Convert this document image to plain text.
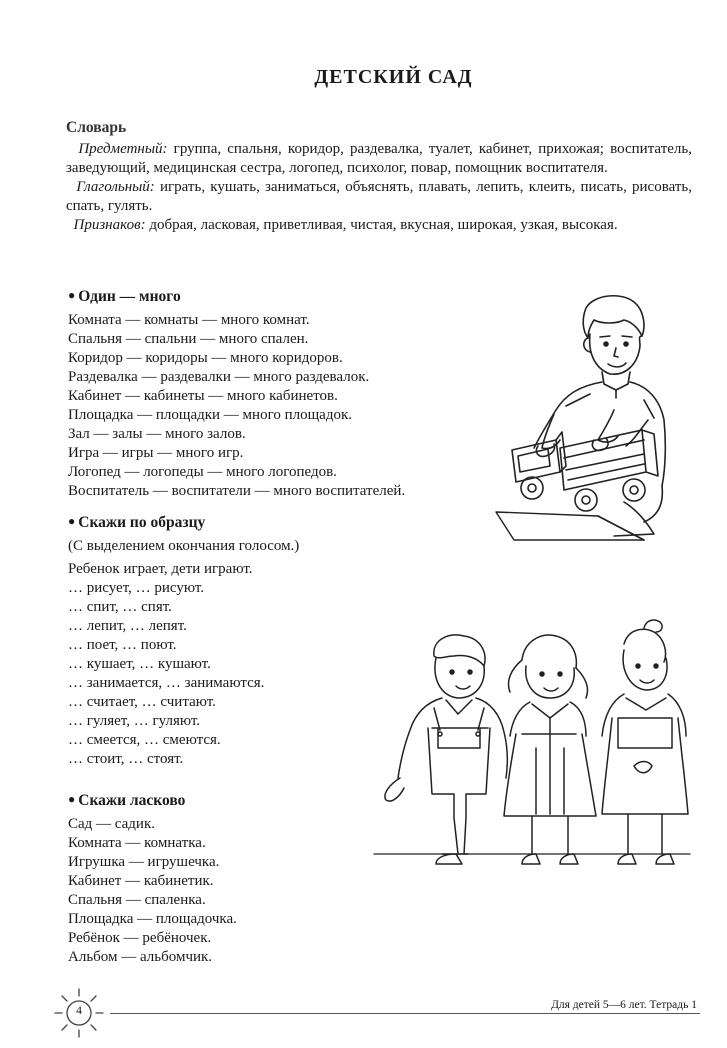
ДЕТСКИЙ САД
Словарь

Предметный: группа, спальня, коридор, раздевалка, туалет, кабинет, прихожая; воспитатель, заведующий, медицинская сестра, логопед, психолог, повар, помощник воспитателя.

Глагольный: играть, кушать, заниматься, объяснять, плавать, лепить, клеить, писать, рисовать, спать, гулять.

Признаков: добрая, ласковая, приветливая, чистая, вкусная, широкая, узкая, высокая.

● Один — много
Комната — комнаты — много комнат.
Спальня — спальни — много спален.
Коридор — коридоры — много коридоров.
Раздевалка — раздевалки — много раздевалок.
Кабинет — кабинеты — много кабинетов.
Площадка — площадки — много площадок.
Зал — залы — много залов.
Игра — игры — много игр.
Логопед — логопеды — много логопедов.
Воспитатель — воспитатели — много воспитателей.
● Скажи по образцу
(С выделением окончания голосом.)
Ребенок играет, дети играют.
… рисует, … рисуют.
… спит, … спят.
… лепит, … лепят.
… поет, … поют.
… кушает, … кушают.
… занимается, … занимаются.
… считает, … считают.
… гуляет, … гуляют.
… смеется, … смеются.
… стоит, … стоят.
● Скажи ласково
Сад — садик.
Комната — комнатка.
Игрушка — игрушечка.
Кабинет — кабинетик.
Спальня — спаленка.
Площадка — площадочка.
Ребёнок — ребёночек.
Альбом — альбомчик.
4	Для детей 5—6 лет. Тетрадь 1
